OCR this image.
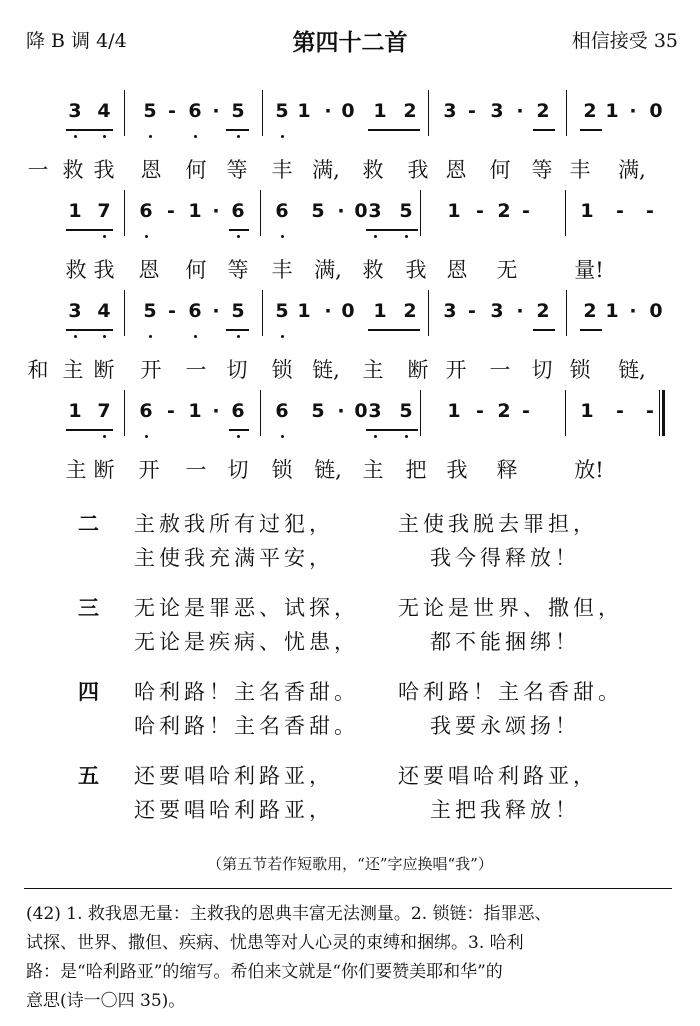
降 B 调 4/4	第四十二首	相信接受 35
3 4 5 - 6 · 5 5 1 · 0 1 2 3 - 3 · 2 2 1 · 0
一 救 我 恩 何 等 丰 满, 救 我 恩 何 等 丰 满,
1 7 6 - 1 · 6 6 5 · 0 3 5 1 - 2 -	1 - -
救 我 恩 何 等 丰 满, 救 我 恩 无	量!
3 4 5 - 6 · 5 5 1 · 0 1 2 3 - 3 · 2 2 1 · 0
和 主 断 开 一 切 锁 链, 主 断 开 一 切 锁 链,
1 7 6 - 1 · 6 6 5 · 0 3 5 1 - 2 -	1 - -
主 断 开 一 切 锁 链, 主 把 我 释	放!
二 主赦我所有过犯，	主使我脱去罪担，
主使我充满平安，	我今得释放！
三 无论是罪恶、试探， 无论是世界、撒但，
无论是疾病、忧患，	都不能捆绑！
四 哈利路！主名香甜。 哈利路！主名香甜。
哈利路！主名香甜。	我要永颂扬！
五 还要唱哈利路亚，	还要唱哈利路亚，
还要唱哈利路亚，	主把我释放！
（第五节若作短歌用，“还”字应换唱“我”）

(42) 1. 救我恩无量：主救我的恩典丰富无法测量。2. 锁链：指罪恶、

试探、世界、撒但、疾病、忧患等对人心灵的束缚和捆绑。3. 哈利

路：是“哈利路亚”的缩写。希伯来文就是“你们要赞美耶和华”的

意思(诗一〇四 35)。
